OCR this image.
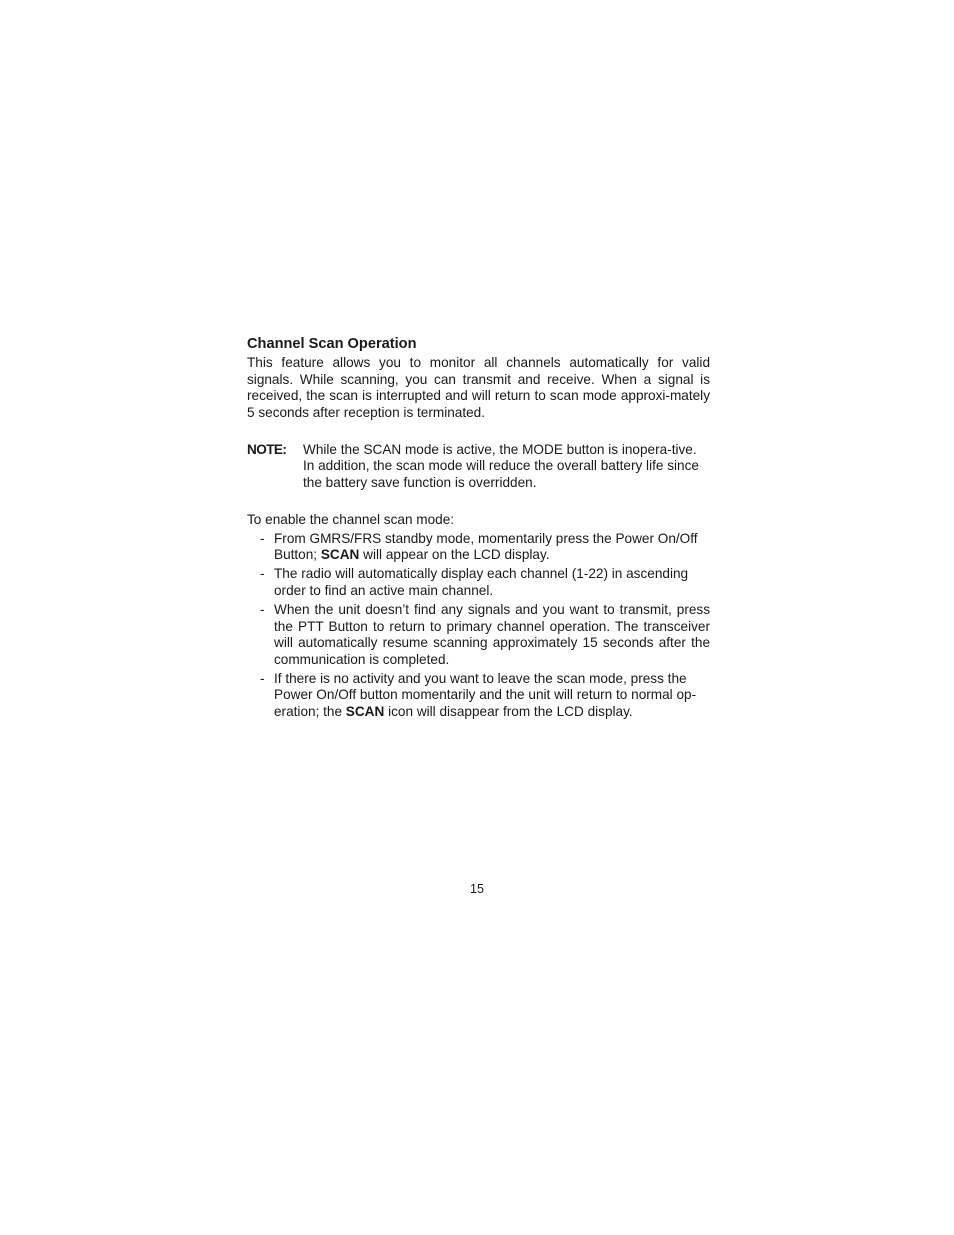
Channel Scan Operation

This feature allows you to monitor all channels automatically for valid signals. While scanning, you can transmit and receive. When a signal is received, the scan is interrupted and will return to scan mode approxi-mately 5 seconds after reception is terminated.

NOTE:	While the SCAN mode is active, the MODE button is inopera-tive. In addition, the scan mode will reduce the overall battery life since the battery save function is overridden.
To enable the channel scan mode:
- From GMRS/FRS standby mode, momentarily press the Power On/Off Button; SCAN will appear on the LCD display.
- The radio will automatically display each channel (1-22) in ascending order to find an active main channel.
- When the unit doesn’t find any signals and you want to transmit, press the PTT Button to return to primary channel operation. The transceiver will automatically resume scanning approximately 15 seconds after the communication is completed.
- If there is no activity and you want to leave the scan mode, press the Power On/Off button momentarily and the unit will return to normal op-eration; the SCAN icon will disappear from the LCD display.
15
